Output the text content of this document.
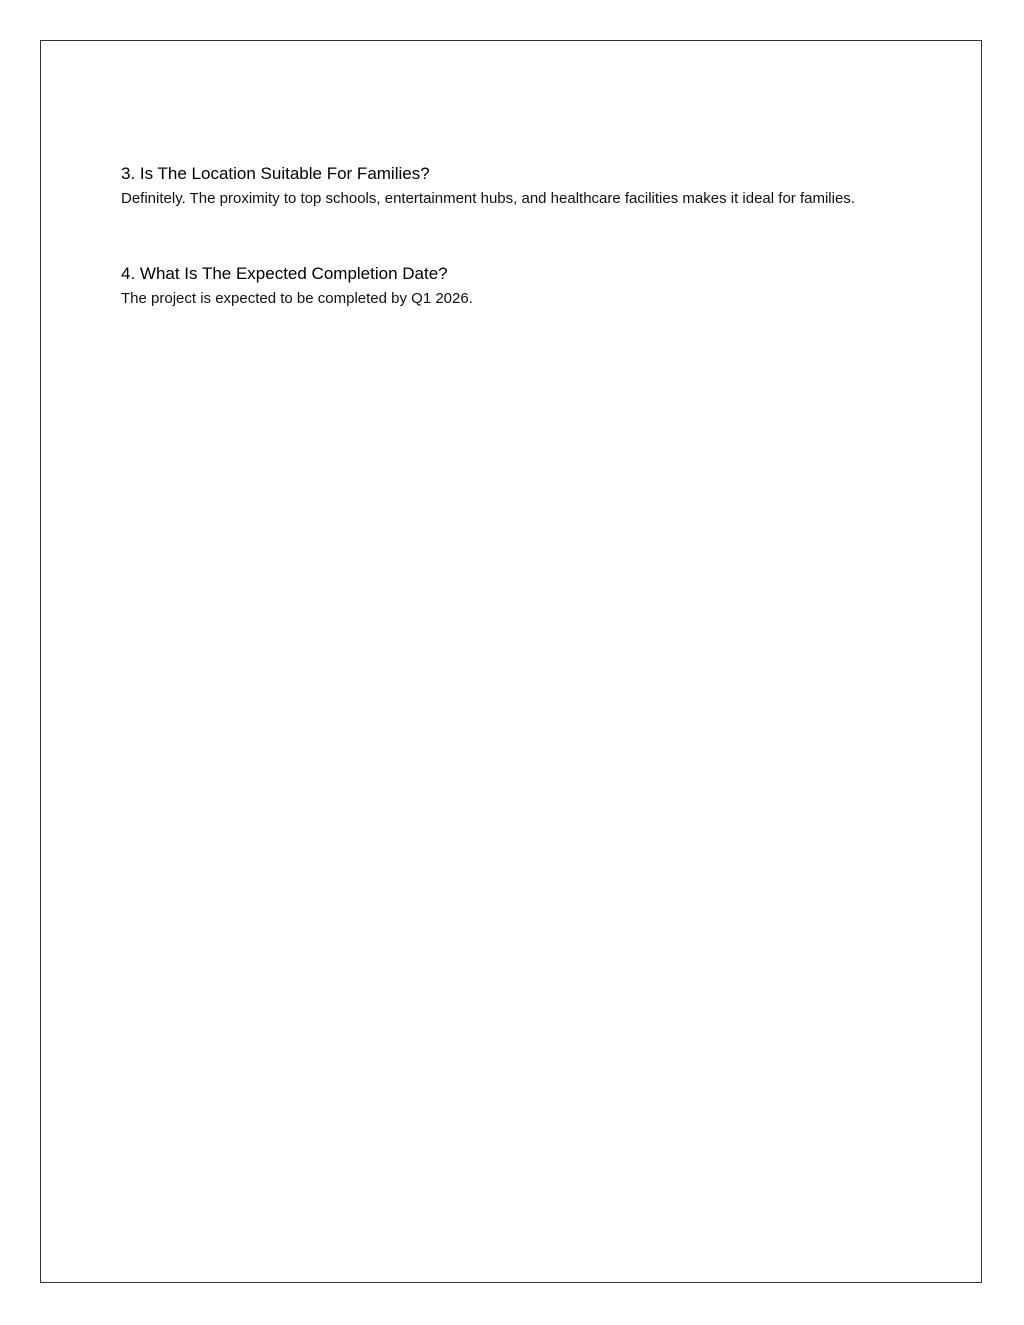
3. Is The Location Suitable For Families?

Definitely. The proximity to top schools, entertainment hubs, and healthcare facilities makes it ideal for families.

4. What Is The Expected Completion Date?

The project is expected to be completed by Q1 2026.
